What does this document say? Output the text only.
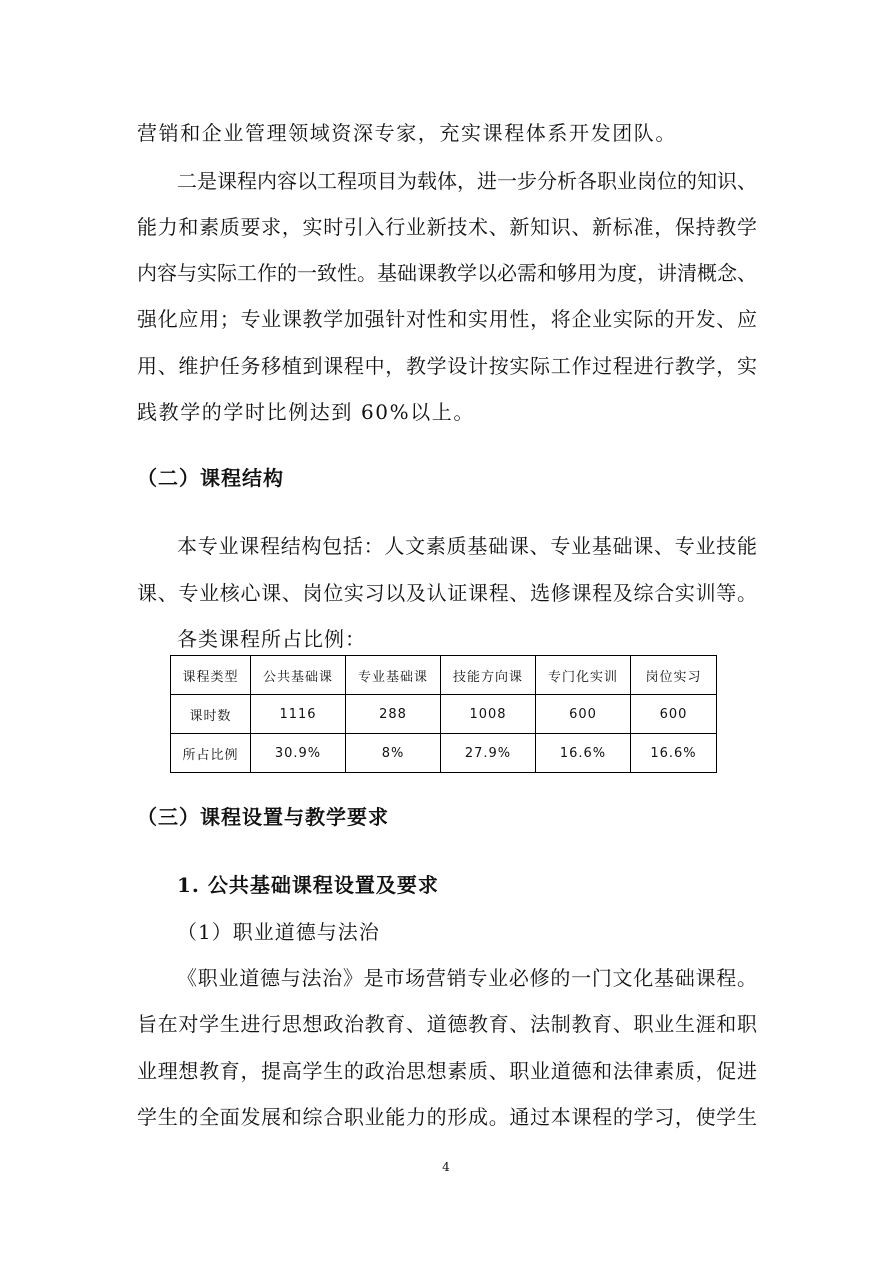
营销和企业管理领域资深专家，充实课程体系开发团队。
二是课程内容以工程项目为载体，进一步分析各职业岗位的知识、
能力和素质要求，实时引入行业新技术、新知识、新标准，保持教学
内容与实际工作的一致性。基础课教学以必需和够用为度，讲清概念、
强化应用；专业课教学加强针对性和实用性，将企业实际的开发、应
用、维护任务移植到课程中，教学设计按实际工作过程进行教学，实
践教学的学时比例达到 60%以上。
（二）课程结构
本专业课程结构包括：人文素质基础课、专业基础课、专业技能
课、专业核心课、岗位实习以及认证课程、选修课程及综合实训等。
各类课程所占比例：
课程类型	公共基础课	专业基础课	技能方向课	专门化实训	岗位实习
课时数	1116	288	1008	600	600
所占比例	30.9%	8%	27.9%	16.6%	16.6%
（三）课程设置与教学要求
1. 公共基础课程设置及要求
（1）职业道德与法治
《职业道德与法治》是市场营销专业必修的一门文化基础课程。
旨在对学生进行思想政治教育、道德教育、法制教育、职业生涯和职
业理想教育，提高学生的政治思想素质、职业道德和法律素质，促进
学生的全面发展和综合职业能力的形成。通过本课程的学习，使学生
4
